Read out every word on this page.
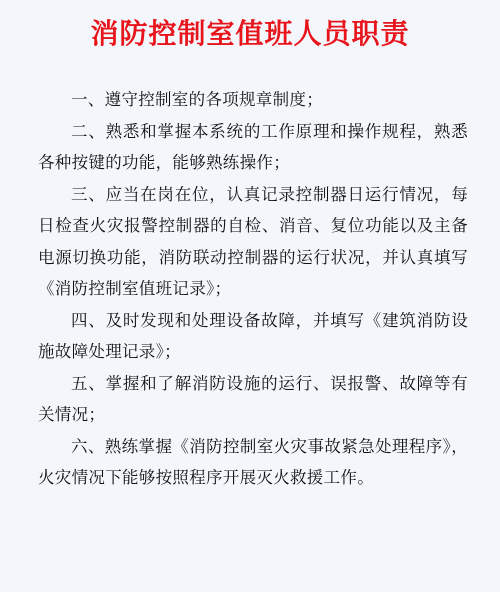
消防控制室值班人员职责

一、遵守控制室的各项规章制度；

二、熟悉和掌握本系统的工作原理和操作规程，熟悉各种按键的功能，能够熟练操作；

三、应当在岗在位，认真记录控制器日运行情况，每日检查火灾报警控制器的自检、消音、复位功能以及主备电源切换功能，消防联动控制器的运行状况，并认真填写《消防控制室值班记录》；

四、及时发现和处理设备故障，并填写《建筑消防设施故障处理记录》；

五、掌握和了解消防设施的运行、误报警、故障等有关情况；

六、熟练掌握《消防控制室火灾事故紧急处理程序》，火灾情况下能够按照程序开展灭火救援工作。
